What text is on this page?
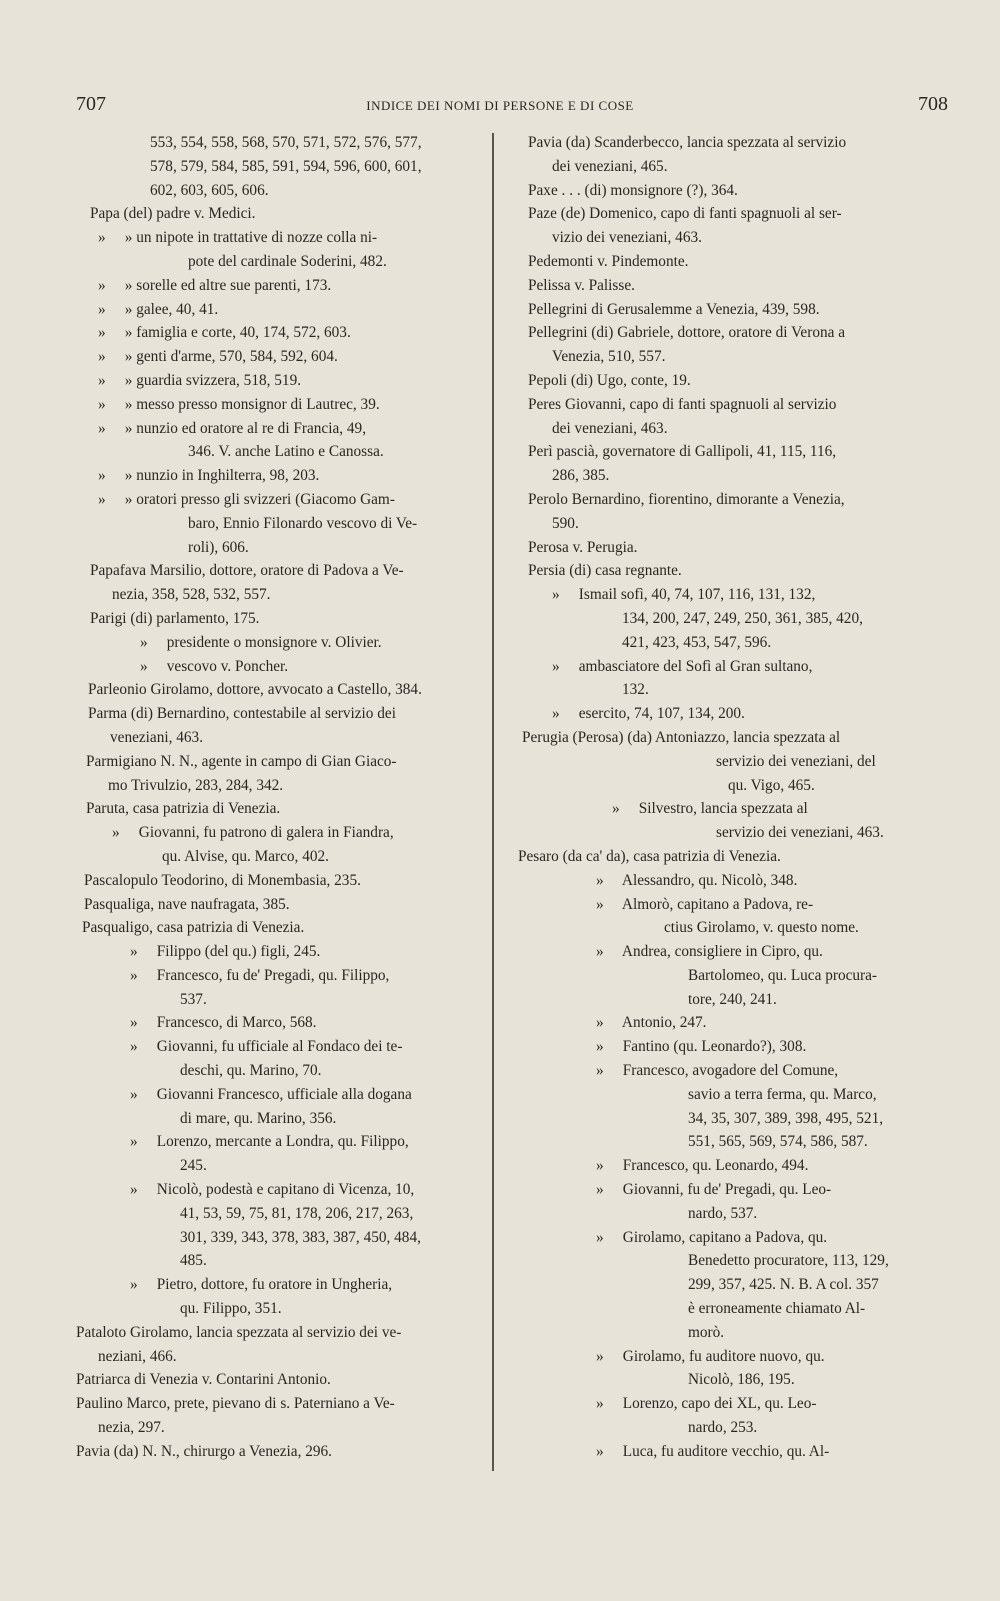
707	INDICE DEI NOMI DI PERSONE E DI COSE	708
553, 554, 558, 568, 570, 571, 572, 576, 577,
578, 579, 584, 585, 591, 594, 596, 600, 601,
602, 603, 605, 606.
Papa (del) padre v. Medici.
»     » un nipote in trattative di nozze colla ni-
pote del cardinale Soderini, 482.
»     » sorelle ed altre sue parenti, 173.
»     » galee, 40, 41.
»     » famiglia e corte, 40, 174, 572, 603.
»     » genti d'arme, 570, 584, 592, 604.
»     » guardia svizzera, 518, 519.
»     » messo presso monsignor di Lautrec, 39.
»     » nunzio ed oratore al re di Francia, 49,
346. V. anche Latino e Canossa.
»     » nunzio in Inghilterra, 98, 203.
»     » oratori presso gli svizzeri (Giacomo Gam-
baro, Ennio Filonardo vescovo di Ve-
roli), 606.
Papafava Marsilio, dottore, oratore di Padova a Ve-
nezia, 358, 528, 532, 557.
Parigi (di) parlamento, 175.
»     presidente o monsignore v. Olivier.
»     vescovo v. Poncher.
Parleonio Girolamo, dottore, avvocato a Castello, 384.
Parma (di) Bernardino, contestabile al servizio dei
veneziani, 463.
Parmigiano N. N., agente in campo di Gian Giaco-
mo Trivulzio, 283, 284, 342.
Paruta, casa patrizia di Venezia.
»     Giovanni, fu patrono di galera in Fiandra,
qu. Alvise, qu. Marco, 402.
Pascalopulo Teodorino, di Monembasia, 235.
Pasqualiga, nave naufragata, 385.
Pasqualigo, casa patrizia di Venezia.
»     Filippo (del qu.) figli, 245.
»     Francesco, fu de' Pregadi, qu. Filippo,
537.
»     Francesco, di Marco, 568.
»     Giovanni, fu ufficiale al Fondaco dei te-
deschi, qu. Marino, 70.
»     Giovanni Francesco, ufficiale alla dogana
di mare, qu. Marino, 356.
»     Lorenzo, mercante a Londra, qu. Filippo,
245.
»     Nicolò, podestà e capitano di Vicenza, 10,
41, 53, 59, 75, 81, 178, 206, 217, 263,
301, 339, 343, 378, 383, 387, 450, 484,
485.
»     Pietro, dottore, fu oratore in Ungheria,
qu. Filippo, 351.
Pataloto Girolamo, lancia spezzata al servizio dei ve-
neziani, 466.
Patriarca di Venezia v. Contarini Antonio.
Paulino Marco, prete, pievano di s. Paterniano a Ve-
nezia, 297.
Pavia (da) N. N., chirurgo a Venezia, 296.
Pavia (da) Scanderbecco, lancia spezzata al servizio
dei veneziani, 465.
Paxe . . . (di) monsignore (?), 364.
Paze (de) Domenico, capo di fanti spagnuoli al ser-
vizio dei veneziani, 463.
Pedemonti v. Pindemonte.
Pelissa v. Palisse.
Pellegrini di Gerusalemme a Venezia, 439, 598.
Pellegrini (di) Gabriele, dottore, oratore di Verona a
Venezia, 510, 557.
Pepoli (di) Ugo, conte, 19.
Peres Giovanni, capo di fanti spagnuoli al servizio
dei veneziani, 463.
Perì pascià, governatore di Gallipoli, 41, 115, 116,
286, 385.
Perolo Bernardino, fiorentino, dimorante a Venezia,
590.
Perosa v. Perugia.
Persia (di) casa regnante.
»     Ismail sofì, 40, 74, 107, 116, 131, 132,
134, 200, 247, 249, 250, 361, 385, 420,
421, 423, 453, 547, 596.
»     ambasciatore del Sofì al Gran sultano,
132.
»     esercito, 74, 107, 134, 200.
Perugia (Perosa) (da) Antoniazzo, lancia spezzata al
servizio dei veneziani, del
qu. Vigo, 465.
»     Silvestro, lancia spezzata al
servizio dei veneziani, 463.
Pesaro (da ca' da), casa patrizia di Venezia.
»     Alessandro, qu. Nicolò, 348.
»     Almorò, capitano a Padova, re-
ctius Girolamo, v. questo nome.
»     Andrea, consigliere in Cipro, qu.
Bartolomeo, qu. Luca procura-
tore, 240, 241.
»     Antonio, 247.
»     Fantino (qu. Leonardo?), 308.
»     Francesco, avogadore del Comune,
savio a terra ferma, qu. Marco,
34, 35, 307, 389, 398, 495, 521,
551, 565, 569, 574, 586, 587.
»     Francesco, qu. Leonardo, 494.
»     Giovanni, fu de' Pregadi, qu. Leo-
nardo, 537.
»     Girolamo, capitano a Padova, qu.
Benedetto procuratore, 113, 129,
299, 357, 425. N. B. A col. 357
è erroneamente chiamato Al-
morò.
»     Girolamo, fu auditore nuovo, qu.
Nicolò, 186, 195.
»     Lorenzo, capo dei XL, qu. Leo-
nardo, 253.
»     Luca, fu auditore vecchio, qu. Al-
